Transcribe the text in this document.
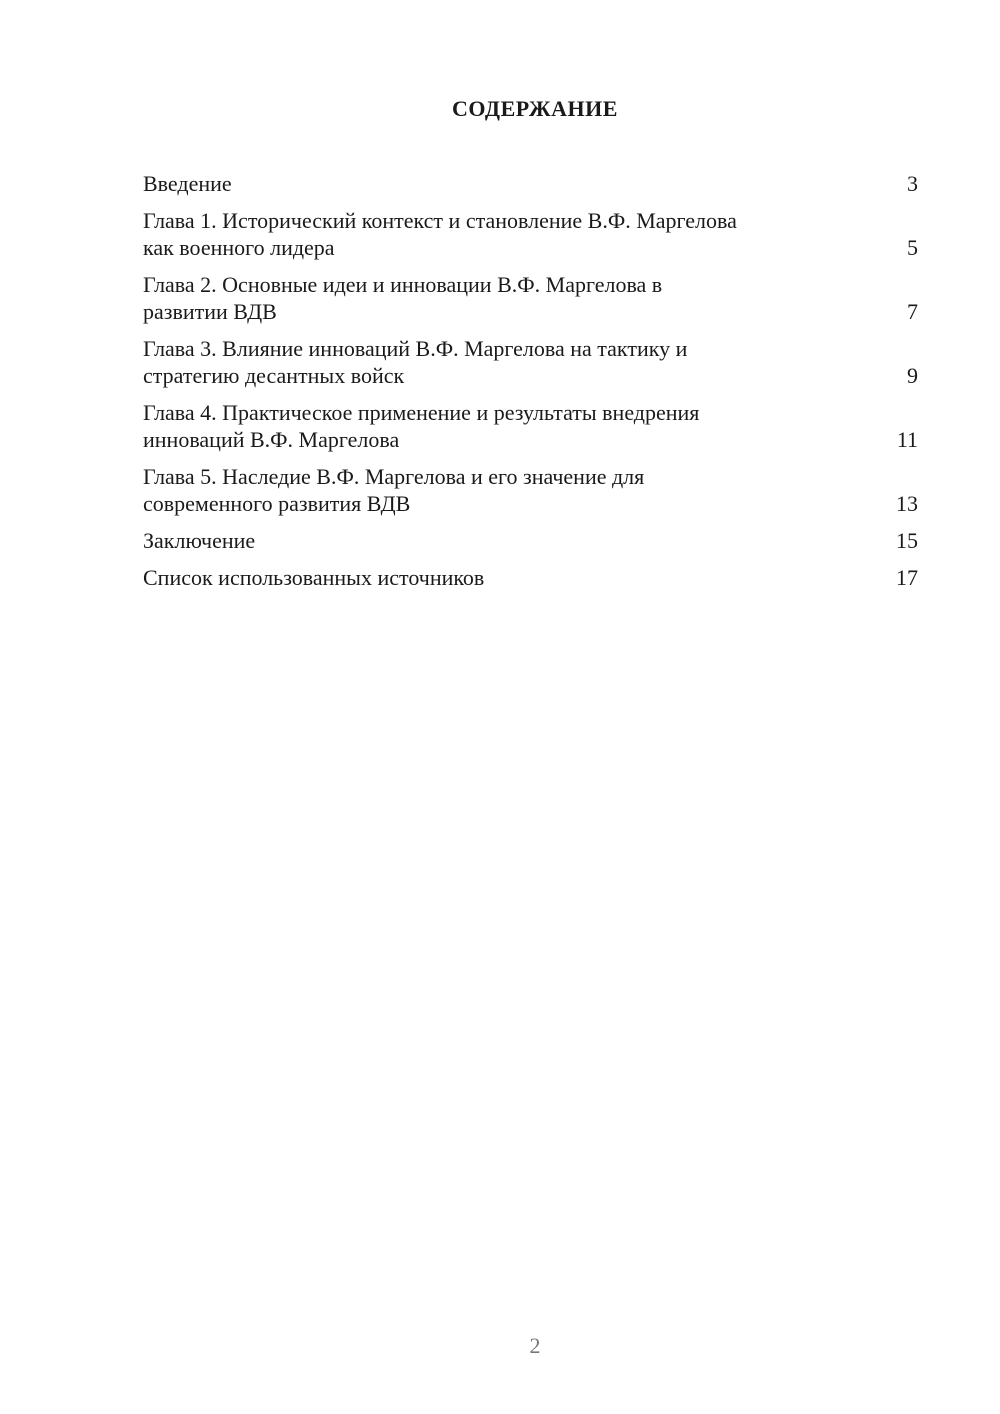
СОДЕРЖАНИЕ
Введение	3
Глава 1. Исторический контекст и становление В.Ф. Маргелова
как военного лидера	5
Глава 2. Основные идеи и инновации В.Ф. Маргелова в
развитии ВДВ	7
Глава 3. Влияние инноваций В.Ф. Маргелова на тактику и
стратегию десантных войск	9
Глава 4. Практическое применение и результаты внедрения
инноваций В.Ф. Маргелова	11
Глава 5. Наследие В.Ф. Маргелова и его значение для
современного развития ВДВ	13
Заключение	15
Список использованных источников	17
2
